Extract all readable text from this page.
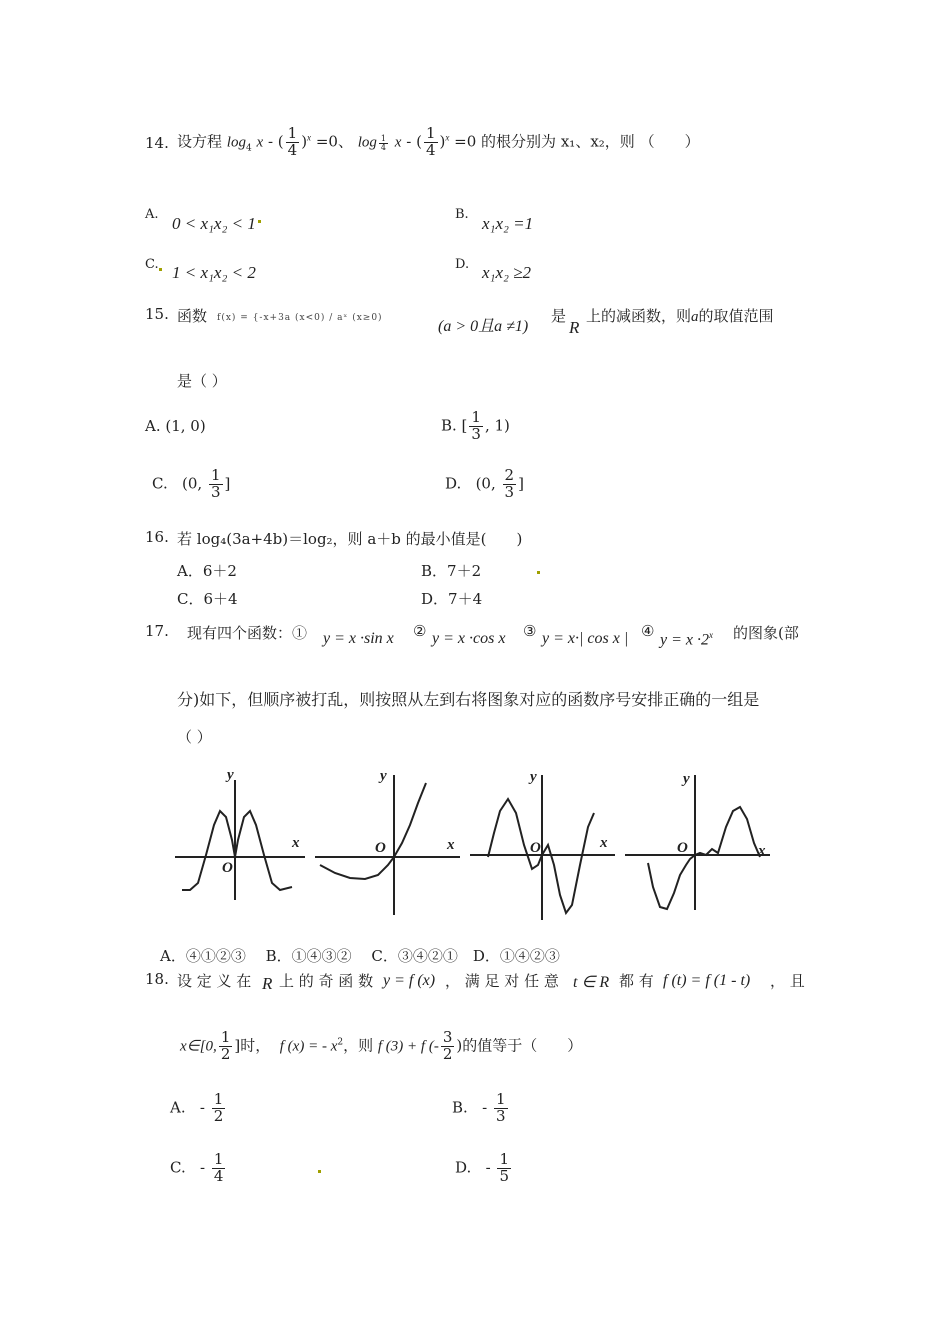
14. 设方程 $\log_4 x$ - ( $\frac{1}{4} )^x =0$、 $\log \frac{1}{4}$ x - ( $\frac{1}{4} )^x =0$ 的根分别为 x₁、x₂，则 （　　）
A. 0 < x₁x₂ < 1	B. x₁x₂ =1
C. 1 < x₁x₂ < 2	D. x₁x₂ ≥2
15. 函数 f(x) = {-x+3a (x<0) / aˣ (x≥0)	(a > 0且a ≠1)
是
R
上的减函数，则a的取值范围
是（ ）
A. (1, 0)	B. [ $\frac{1}{3}$ , 1)
C. (0, $\frac{1}{3}$ ]	D. (0, $\frac{2}{3}$ ]
16. 若 log₄(3a+4b)＝log₂，则 a＋b 的最小值是(　　)
A．6＋2	B．7＋2
C．6＋4	D．7＋4
17. 现有四个函数：① y = x ·sin x ② y = x ·cos x ③ y = x·| cos x | ④ $y = x \cdot 2^x$ 的图象(部
分)如下，但顺序被打乱，则按照从左到右将图象对应的函数序号安排正确的一组是
（ ）
y
x
O
y
x
O
y
x
O
y
x
O
A．④①②③　 B．①④③②　 C．③④②①　D．①④②③
18. 设 定 义 在 R 上 的 奇 函 数 y = f (x) ， 满 足 对 任 意 t ∈ R 都 有 f (t) = f (1 - t) ， 且
x∈[0, $\frac{1}{2}$ ]时， f (x) = - $x^2$，则 f (3) + f (- $\frac{3}{2}$ )的值等于（　　）
A. - $\frac{1}{2}$	B. - $\frac{1}{3}$
C. - $\frac{1}{4}$	D. - $\frac{1}{5}$
